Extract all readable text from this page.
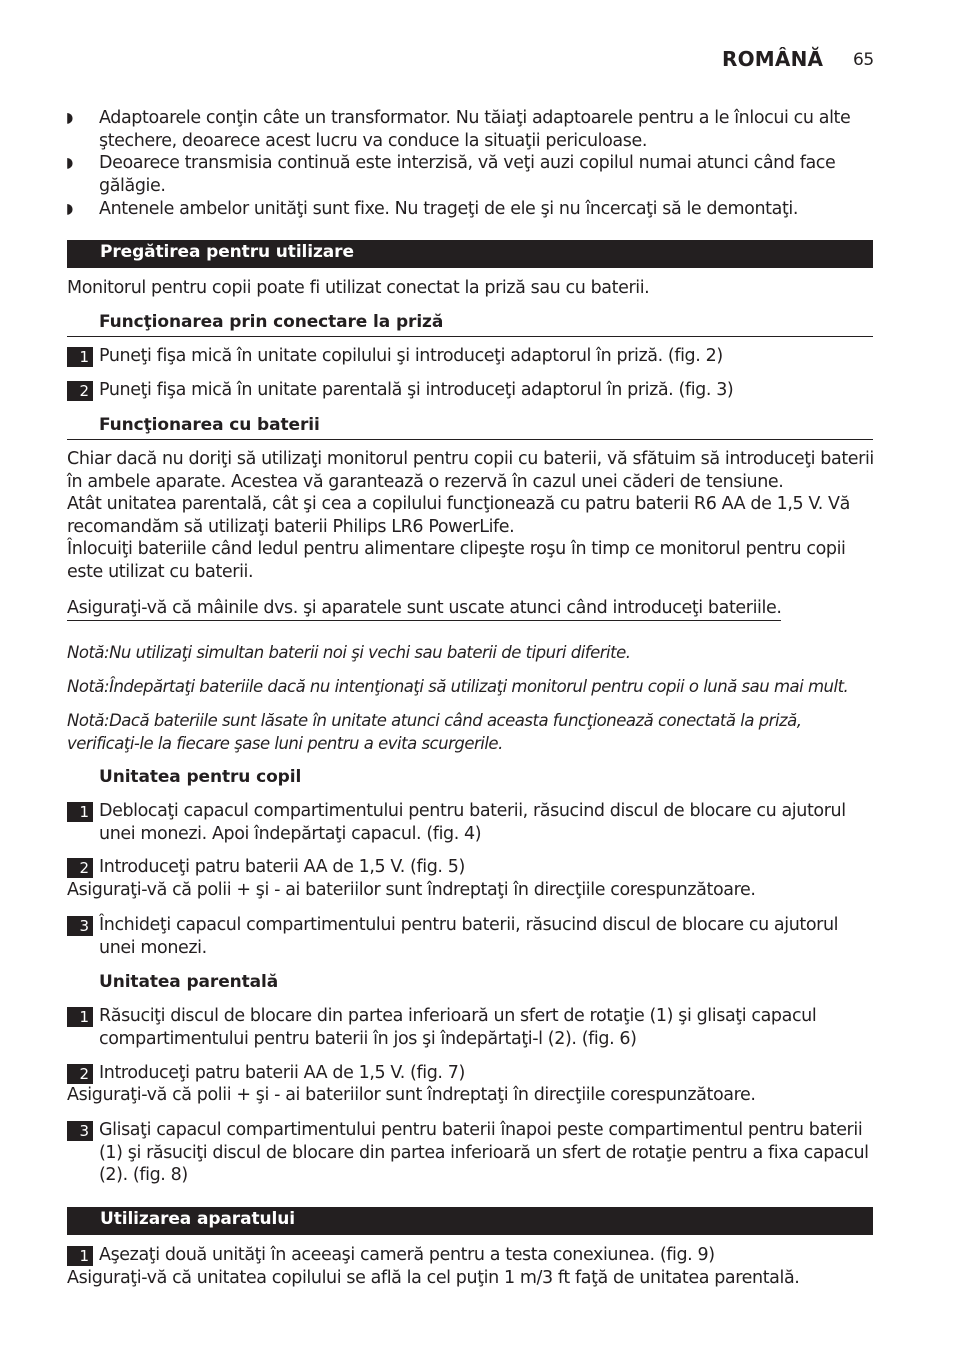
ROMÂNĂ 65
◗ Adaptoarele conţin câte un transformator. Nu tăiaţi adaptoarele pentru a le înlocui cu alte ştechere, deoarece acest lucru va conduce la situaţii periculoase.
◗ Deoarece transmisia continuă este interzisă, vă veţi auzi copilul numai atunci când face gălăgie.
◗ Antenele ambelor unităţi sunt fixe. Nu trageţi de ele şi nu încercaţi să le demontaţi.
Pregătirea pentru utilizare
Monitorul pentru copii poate fi utilizat conectat la priză sau cu baterii.
Funcţionarea prin conectare la priză
1 Puneţi fişa mică în unitate copilului şi introduceţi adaptorul în priză. (fig. 2)
2 Puneţi fişa mică în unitate parentală şi introduceţi adaptorul în priză. (fig. 3)
Funcţionarea cu baterii
Chiar dacă nu doriţi să utilizaţi monitorul pentru copii cu baterii, vă sfătuim să introduceţi baterii în ambele aparate. Acestea vă garantează o rezervă în cazul unei căderi de tensiune.
Atât unitatea parentală, cât şi cea a copilului funcţionează cu patru baterii R6 AA de 1,5 V. Vă recomandăm să utilizaţi baterii Philips LR6 PowerLife.
Înlocuiţi bateriile când ledul pentru alimentare clipeşte roşu în timp ce monitorul pentru copii este utilizat cu baterii.
Asiguraţi-vă că mâinile dvs. şi aparatele sunt uscate atunci când introduceţi bateriile.
Notă:Nu utilizaţi simultan baterii noi şi vechi sau baterii de tipuri diferite.
Notă:Îndepărtaţi bateriile dacă nu intenţionaţi să utilizaţi monitorul pentru copii o lună sau mai mult.
Notă:Dacă bateriile sunt lăsate în unitate atunci când aceasta funcţionează conectată la priză, verificaţi-le la fiecare şase luni pentru a evita scurgerile.
Unitatea pentru copil
1 Deblocaţi capacul compartimentului pentru baterii, răsucind discul de blocare cu ajutorul unei monezi. Apoi îndepărtaţi capacul. (fig. 4)
2 Introduceţi patru baterii AA de 1,5 V. (fig. 5)
Asiguraţi-vă că polii + şi - ai bateriilor sunt îndreptaţi în direcţiile corespunzătoare.
3 Închideţi capacul compartimentului pentru baterii, răsucind discul de blocare cu ajutorul unei monezi.
Unitatea parentală
1 Răsuciţi discul de blocare din partea inferioară un sfert de rotaţie (1) şi glisaţi capacul compartimentului pentru baterii în jos şi îndepărtaţi-l (2). (fig. 6)
2 Introduceţi patru baterii AA de 1,5 V. (fig. 7)
Asiguraţi-vă că polii + şi - ai bateriilor sunt îndreptaţi în direcţiile corespunzătoare.
3 Glisaţi capacul compartimentului pentru baterii înapoi peste compartimentul pentru baterii (1) şi răsuciţi discul de blocare din partea inferioară un sfert de rotaţie pentru a fixa capacul (2). (fig. 8)
Utilizarea aparatului
1 Aşezaţi două unităţi în aceeaşi cameră pentru a testa conexiunea. (fig. 9)
Asiguraţi-vă că unitatea copilului se află la cel puţin 1 m/3 ft faţă de unitatea parentală.
